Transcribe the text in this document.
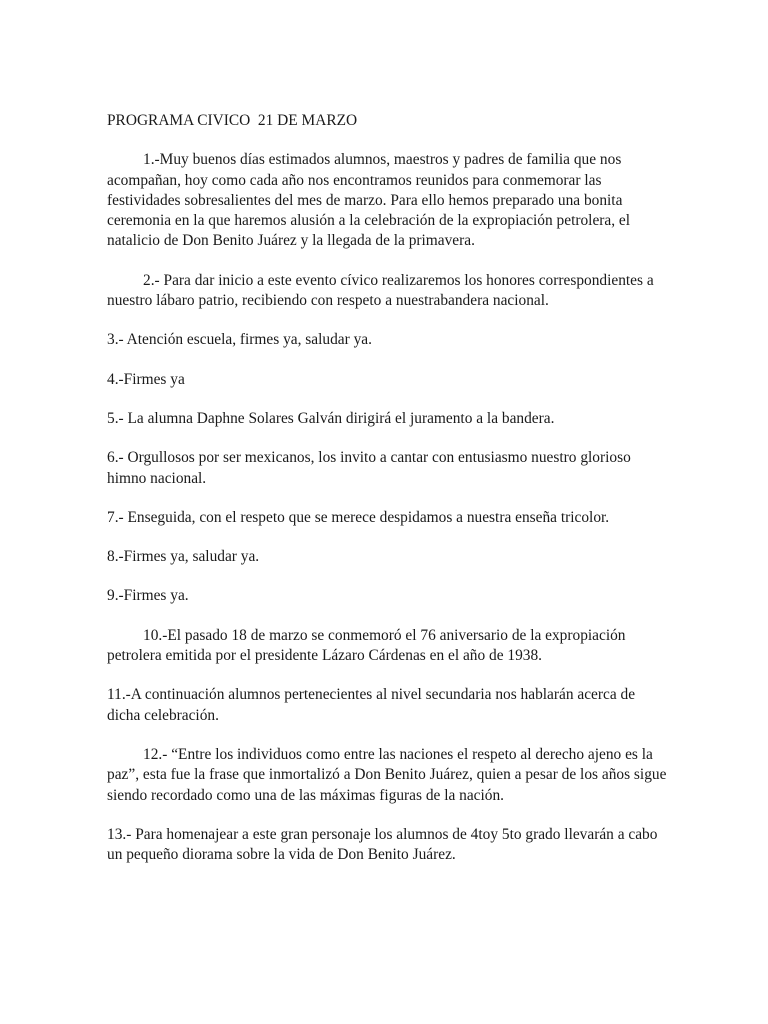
PROGRAMA CIVICO  21 DE MARZO

1.-Muy buenos días estimados alumnos, maestros y padres de familia que nos acompañan, hoy como cada año nos encontramos reunidos para conmemorar las festividades sobresalientes del mes de marzo. Para ello hemos preparado una bonita ceremonia en la que haremos alusión a la celebración de la expropiación petrolera, el natalicio de Don Benito Juárez y la llegada de la primavera.

2.- Para dar inicio a este evento cívico realizaremos los honores correspondientes a nuestro lábaro patrio, recibiendo con respeto a nuestrabandera nacional.

3.- Atención escuela, firmes ya, saludar ya.

4.-Firmes ya

5.- La alumna Daphne Solares Galván dirigirá el juramento a la bandera.

6.- Orgullosos por ser mexicanos, los invito a cantar con entusiasmo nuestro glorioso himno nacional.

7.- Enseguida, con el respeto que se merece despidamos a nuestra enseña tricolor.

8.-Firmes ya, saludar ya.

9.-Firmes ya.

10.-El pasado 18 de marzo se conmemoró el 76 aniversario de la expropiación petrolera emitida por el presidente Lázaro Cárdenas en el año de 1938.

11.-A continuación alumnos pertenecientes al nivel secundaria nos hablarán acerca de dicha celebración.

12.- “Entre los individuos como entre las naciones el respeto al derecho ajeno es la paz”, esta fue la frase que inmortalizó a Don Benito Juárez, quien a pesar de los años sigue siendo recordado como una de las máximas figuras de la nación.

13.- Para homenajear a este gran personaje los alumnos de 4toy 5to grado llevarán a cabo un pequeño diorama sobre la vida de Don Benito Juárez.
